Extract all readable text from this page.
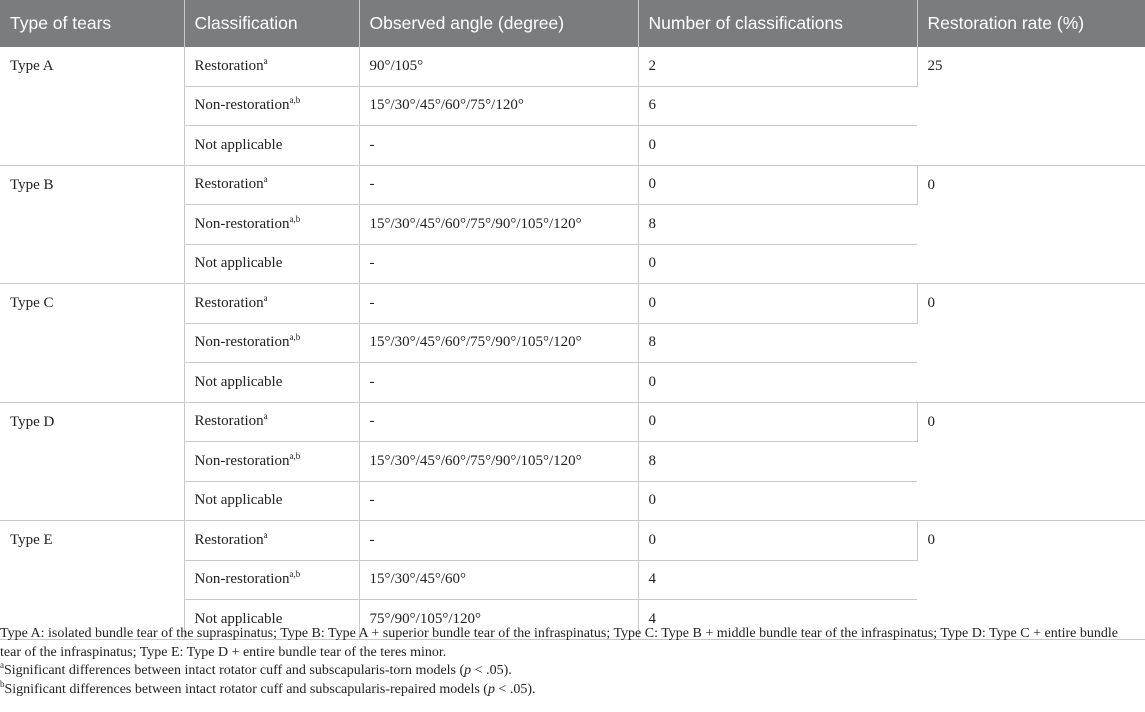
Type of tears	Classification	Observed angle (degree)	Number of classifications	Restoration rate (%)
Type A	Restoration$^a$	90°/105°	2	25
	Non-restoration$^{a,b}$	15°/30°/45°/60°/75°/120°	6	
	Not applicable	-	0	
Type B	Restoration$^a$	-	0	0
	Non-restoration$^{a,b}$	15°/30°/45°/60°/75°/90°/105°/120°	8	
	Not applicable	-	0	
Type C	Restoration$^a$	-	0	0
	Non-restoration$^{a,b}$	15°/30°/45°/60°/75°/90°/105°/120°	8	
	Not applicable	-	0	
Type D	Restoration$^a$	-	0	0
	Non-restoration$^{a,b}$	15°/30°/45°/60°/75°/90°/105°/120°	8	
	Not applicable	-	0	
Type E	Restoration$^a$	-	0	0
	Non-restoration$^{a,b}$	15°/30°/45°/60°	4	
	Not applicable	75°/90°/105°/120°	4	

Type A: isolated bundle tear of the supraspinatus; Type B: Type A + superior bundle tear of the infraspinatus; Type C: Type B + middle bundle tear of the infraspinatus; Type D: Type C + entire bundle tear of the infraspinatus; Type E: Type D + entire bundle tear of the teres minor.

$^a$Significant differences between intact rotator cuff and subscapularis-torn models (p < .05).

$^b$Significant differences between intact rotator cuff and subscapularis-repaired models (p < .05).
